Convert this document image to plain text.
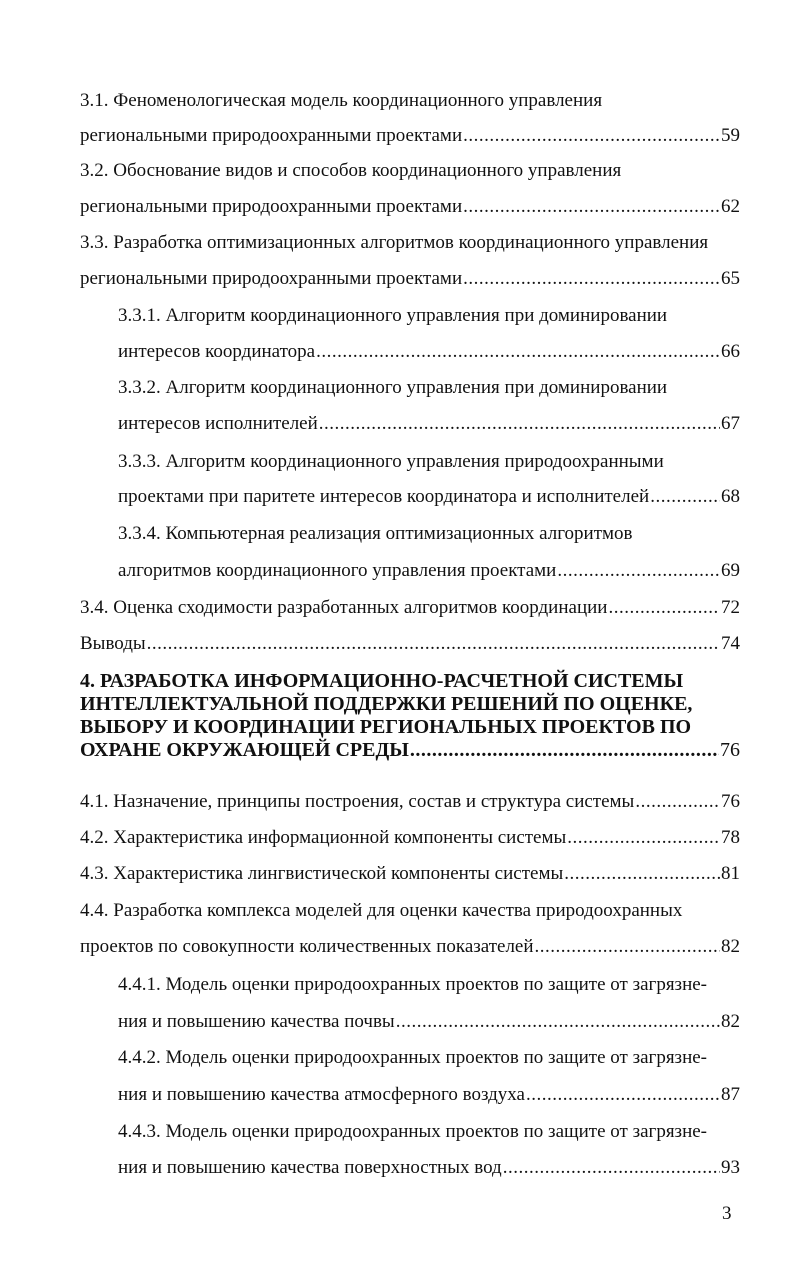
3.1. Феноменологическая модель координационного управления
региональными природоохранными проектами .....	59
3.2. Обоснование видов и способов координационного управления
региональными природоохранными проектами .....	62
3.3. Разработка оптимизационных алгоритмов координационного управления
региональными природоохранными проектами .....	65
3.3.1. Алгоритм координационного управления при доминировании
интересов координатора .....	66
3.3.2. Алгоритм координационного управления при доминировании
интересов исполнителей .....	67
3.3.3. Алгоритм координационного управления природоохранными
проектами при паритете интересов координатора и исполнителей .....	68
3.3.4. Компьютерная реализация оптимизационных алгоритмов
алгоритмов координационного управления проектами .....	69
3.4. Оценка сходимости разработанных алгоритмов координации .....	72
Выводы .....	74
4. РАЗРАБОТКА ИНФОРМАЦИОННО-РАСЧЕТНОЙ СИСТЕМЫ
ИНТЕЛЛЕКТУАЛЬНОЙ ПОДДЕРЖКИ РЕШЕНИЙ ПО ОЦЕНКЕ,
ВЫБОРУ И КООРДИНАЦИИ РЕГИОНАЛЬНЫХ ПРОЕКТОВ ПО
ОХРАНЕ ОКРУЖАЮЩЕЙ СРЕДЫ .....	76
4.1. Назначение, принципы построения, состав и структура системы .....	76
4.2. Характеристика информационной компоненты системы .....	78
4.3. Характеристика лингвистической компоненты системы .....	81
4.4. Разработка комплекса моделей для оценки качества природоохранных
проектов по совокупности количественных показателей .....	82
4.4.1. Модель оценки природоохранных проектов по защите от загрязне-
ния и повышению качества почвы .....	82
4.4.2. Модель оценки природоохранных проектов по защите от загрязне-
ния и повышению качества атмосферного воздуха .....	87
4.4.3. Модель оценки природоохранных проектов по защите от загрязне-
ния и повышению качества поверхностных вод .....	93
3
